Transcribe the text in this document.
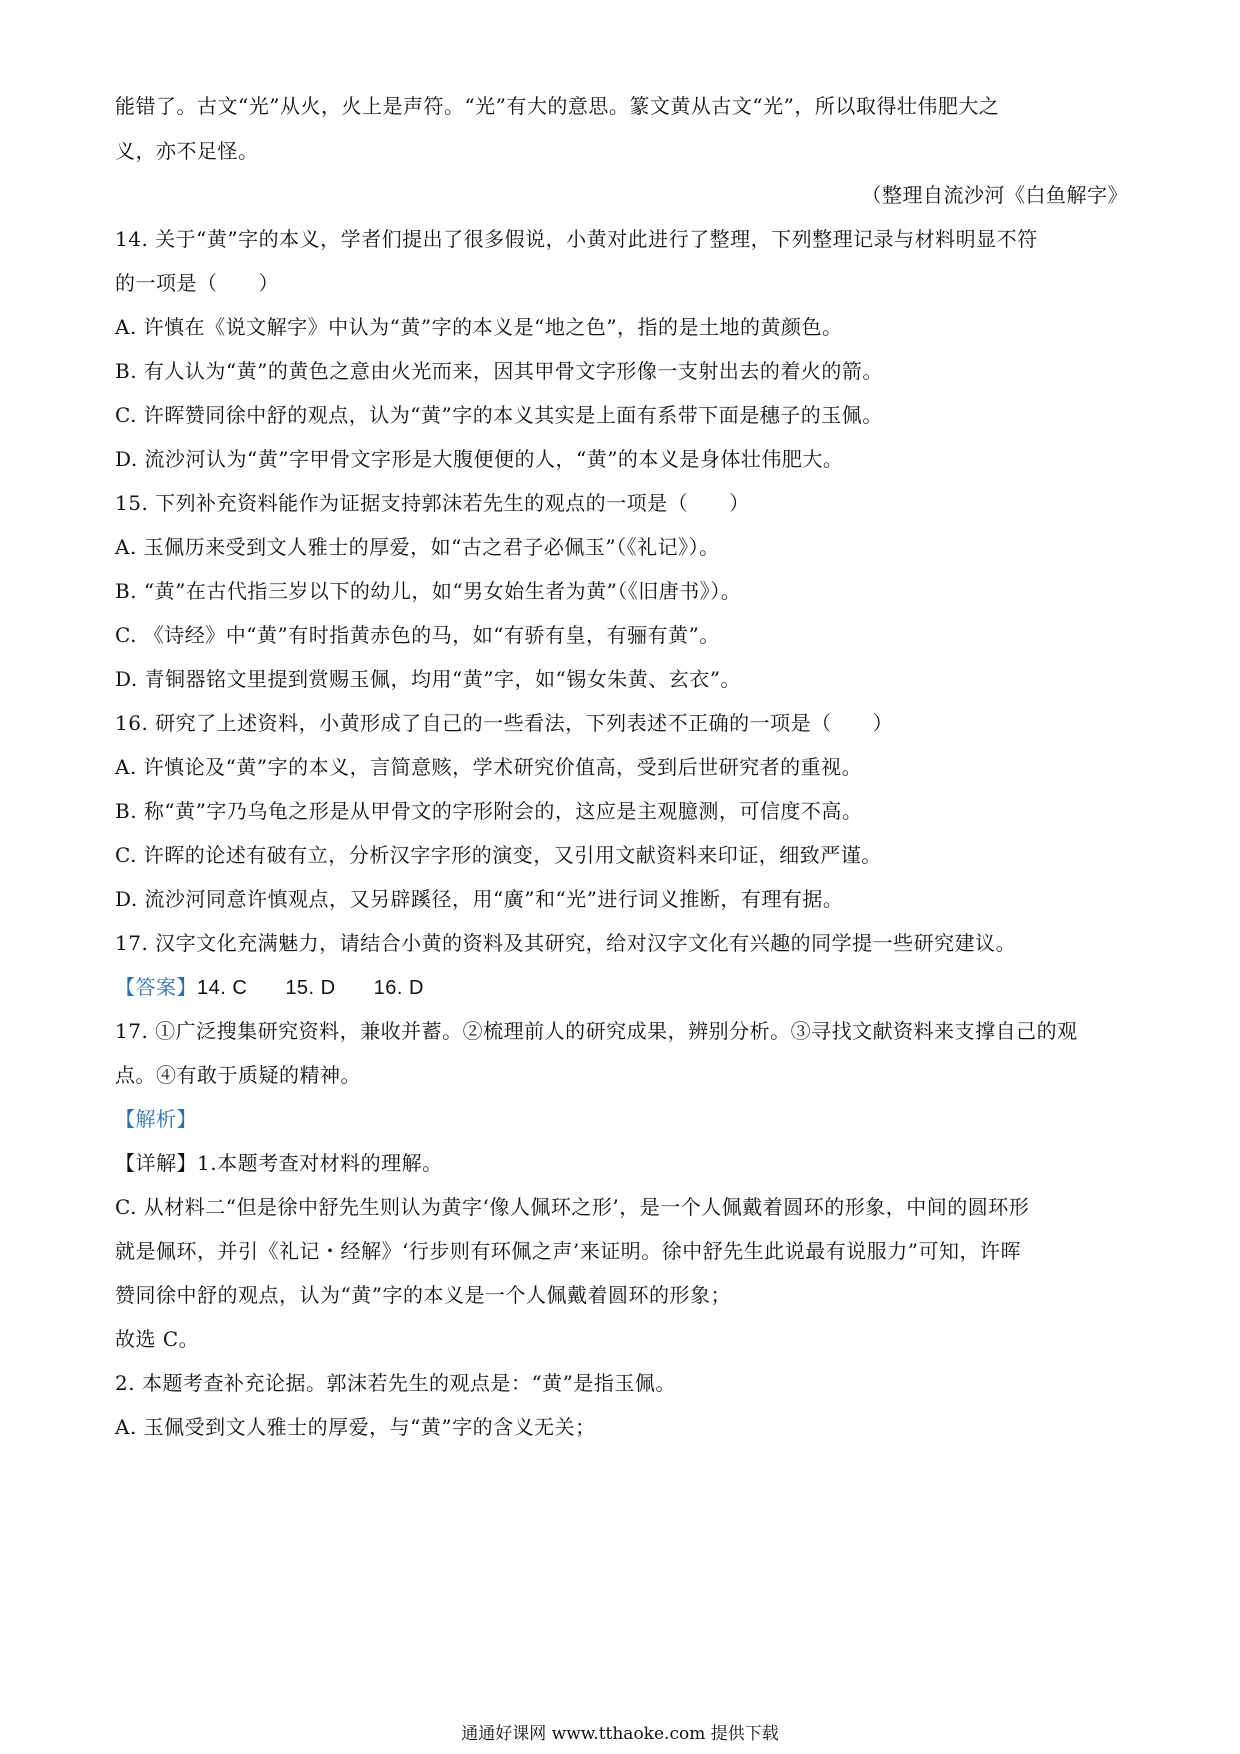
能错了。古文“光”从火，火上是声符。“光”有大的意思。篆文黄从古文“光”，所以取得壮伟肥大之
义，亦不足怪。
（整理自流沙河《白鱼解字》
14. 关于“黄”字的本义，学者们提出了很多假说，小黄对此进行了整理，下列整理记录与材料明显不符
的一项是（　　）
A. 许慎在《说文解字》中认为“黄”字的本义是“地之色”，指的是土地的黄颜色。
B. 有人认为“黄”的黄色之意由火光而来，因其甲骨文字形像一支射出去的着火的箭。
C. 许晖赞同徐中舒的观点，认为“黄”字的本义其实是上面有系带下面是穗子的玉佩。
D. 流沙河认为“黄”字甲骨文字形是大腹便便的人，“黄”的本义是身体壮伟肥大。
15. 下列补充资料能作为证据支持郭沫若先生的观点的一项是（　　）
A. 玉佩历来受到文人雅士的厚爱，如“古之君子必佩玉”（《礼记》）。
B. “黄”在古代指三岁以下的幼儿，如“男女始生者为黄”（《旧唐书》）。
C. 《诗经》中“黄”有时指黄赤色的马，如“有骄有皇，有骊有黄”。
D. 青铜器铭文里提到赏赐玉佩，均用“黄”字，如“锡女朱黄、玄衣”。
16. 研究了上述资料，小黄形成了自己的一些看法，下列表述不正确的一项是（　　）
A. 许慎论及“黄”字的本义，言简意赅，学术研究价值高，受到后世研究者的重视。
B. 称“黄”字乃乌龟之形是从甲骨文的字形附会的，这应是主观臆测，可信度不高。
C. 许晖的论述有破有立，分析汉字字形的演变，又引用文献资料来印证，细致严谨。
D. 流沙河同意许慎观点，又另辟蹊径，用“廣”和“光”进行词义推断，有理有据。
17. 汉字文化充满魅力，请结合小黄的资料及其研究，给对汉字文化有兴趣的同学提一些研究建议。
【答案】14. C 15. D 16. D
17. ①广泛搜集研究资料，兼收并蓄。②梳理前人的研究成果，辨别分析。③寻找文献资料来支撑自己的观
点。④有敢于质疑的精神。
【解析】
【详解】1.本题考查对材料的理解。
C. 从材料二“但是徐中舒先生则认为黄字‘像人佩环之形’，是一个人佩戴着圆环的形象，中间的圆环形
就是佩环，并引《礼记・经解》‘行步则有环佩之声’来证明。徐中舒先生此说最有说服力”可知，许晖
赞同徐中舒的观点，认为“黄”字的本义是一个人佩戴着圆环的形象；
故选 C。
2. 本题考查补充论据。郭沫若先生的观点是：“黄”是指玉佩。
A. 玉佩受到文人雅士的厚爱，与“黄”字的含义无关；
通通好课网 www.tthaoke.com 提供下载
